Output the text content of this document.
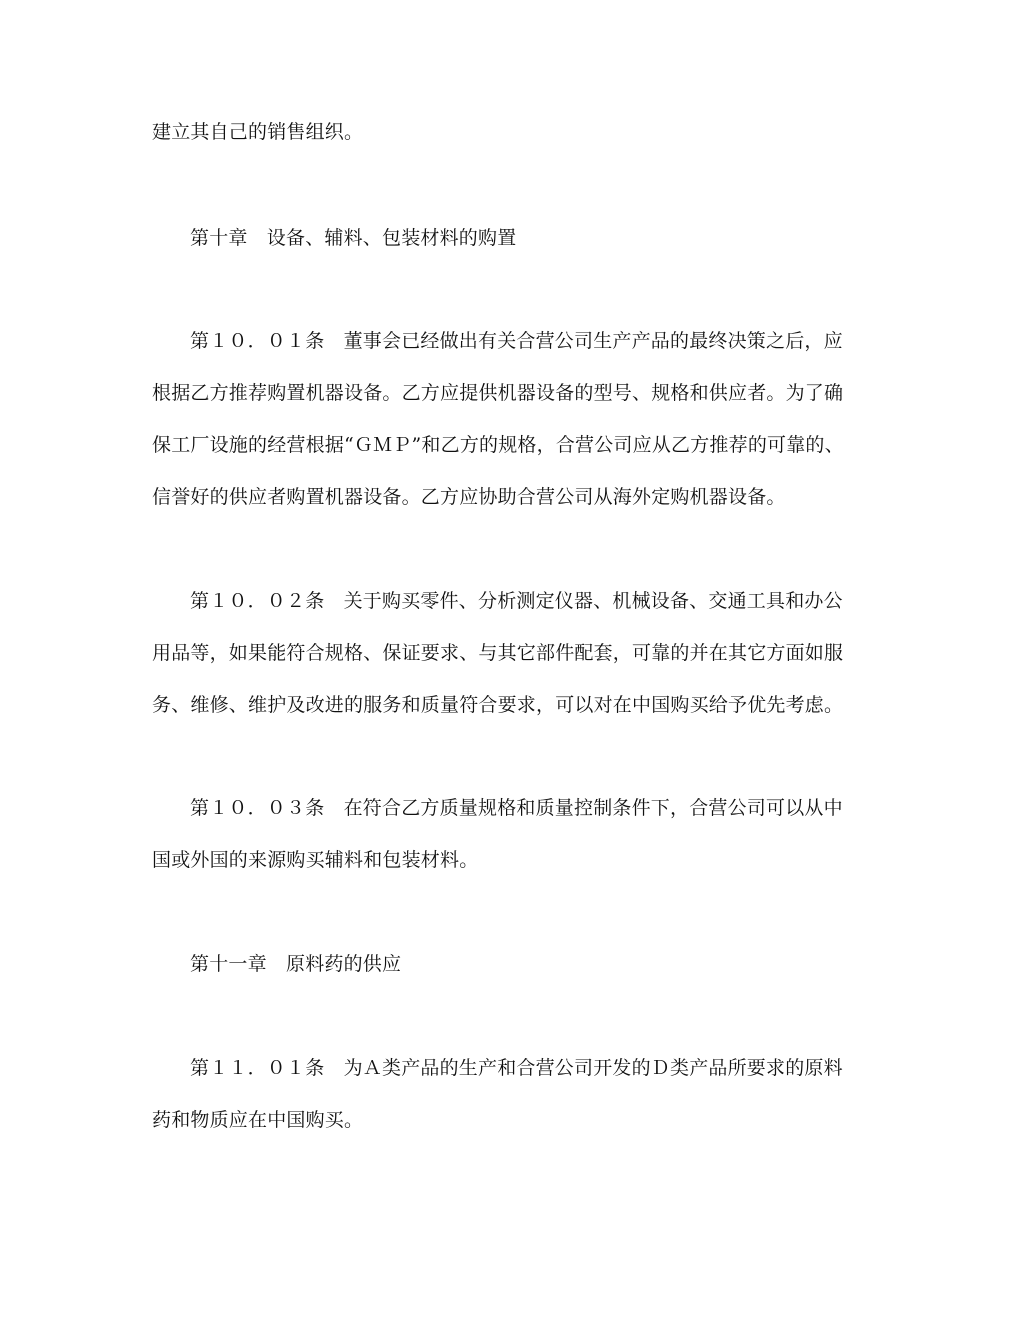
建立其自己的销售组织。

第十章　设备、辅料、包装材料的购置

第１０．０１条　董事会已经做出有关合营公司生产产品的最终决策之后，应

根据乙方推荐购置机器设备。乙方应提供机器设备的型号、规格和供应者。为了确

保工厂设施的经营根据“ＧＭＰ”和乙方的规格，合营公司应从乙方推荐的可靠的、

信誉好的供应者购置机器设备。乙方应协助合营公司从海外定购机器设备。

第１０．０２条　关于购买零件、分析测定仪器、机械设备、交通工具和办公

用品等，如果能符合规格、保证要求、与其它部件配套，可靠的并在其它方面如服

务、维修、维护及改进的服务和质量符合要求，可以对在中国购买给予优先考虑。

第１０．０３条　在符合乙方质量规格和质量控制条件下，合营公司可以从中

国或外国的来源购买辅料和包装材料。

第十一章　原料药的供应

第１１．０１条　为Ａ类产品的生产和合营公司开发的Ｄ类产品所要求的原料

药和物质应在中国购买。
